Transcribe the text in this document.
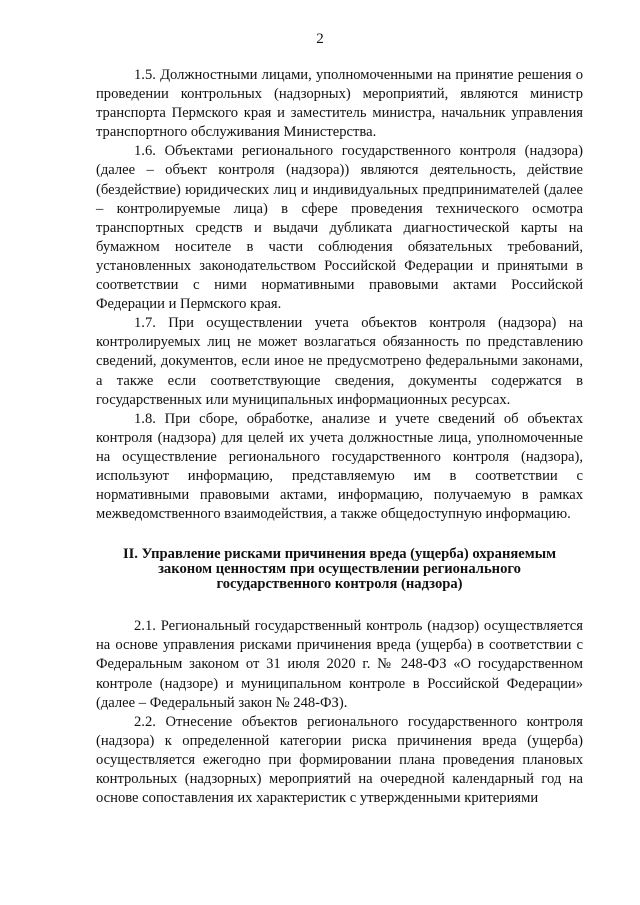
2

1.5. Должностными лицами, уполномоченными на принятие решения о проведении контрольных (надзорных) мероприятий, являются министр транспорта Пермского края и заместитель министра, начальник управления транспортного обслуживания Министерства.

1.6. Объектами регионального государственного контроля (надзора) (далее – объект контроля (надзора)) являются деятельность, действие (бездействие) юридических лиц и индивидуальных предпринимателей (далее – контролируемые лица) в сфере проведения технического осмотра транспортных средств и выдачи дубликата диагностической карты на бумажном носителе в части соблюдения обязательных требований, установленных законодательством Российской Федерации и принятыми в соответствии с ними нормативными правовыми актами Российской Федерации и Пермского края.

1.7. При осуществлении учета объектов контроля (надзора) на контролируемых лиц не может возлагаться обязанность по представлению сведений, документов, если иное не предусмотрено федеральными законами, а также если соответствующие сведения, документы содержатся в государственных или муниципальных информационных ресурсах.

1.8. При сборе, обработке, анализе и учете сведений об объектах контроля (надзора) для целей их учета должностные лица, уполномоченные на осуществление регионального государственного контроля (надзора), используют информацию, представляемую им в соответствии с нормативными правовыми актами, информацию, получаемую в рамках межведомственного взаимодействия, а также общедоступную информацию.

II. Управление рисками причинения вреда (ущерба) охраняемым

законом ценностям при осуществлении регионального

государственного контроля (надзора)

2.1. Региональный государственный контроль (надзор) осуществляется на основе управления рисками причинения вреда (ущерба) в соответствии с Федеральным законом от 31 июля 2020 г. № 248-ФЗ «О государственном контроле (надзоре) и муниципальном контроле в Российской Федерации» (далее – Федеральный закон № 248-ФЗ).

2.2. Отнесение объектов регионального государственного контроля (надзора) к определенной категории риска причинения вреда (ущерба) осуществляется ежегодно при формировании плана проведения плановых контрольных (надзорных) мероприятий на очередной календарный год на основе сопоставления их характеристик с утвержденными критериями
